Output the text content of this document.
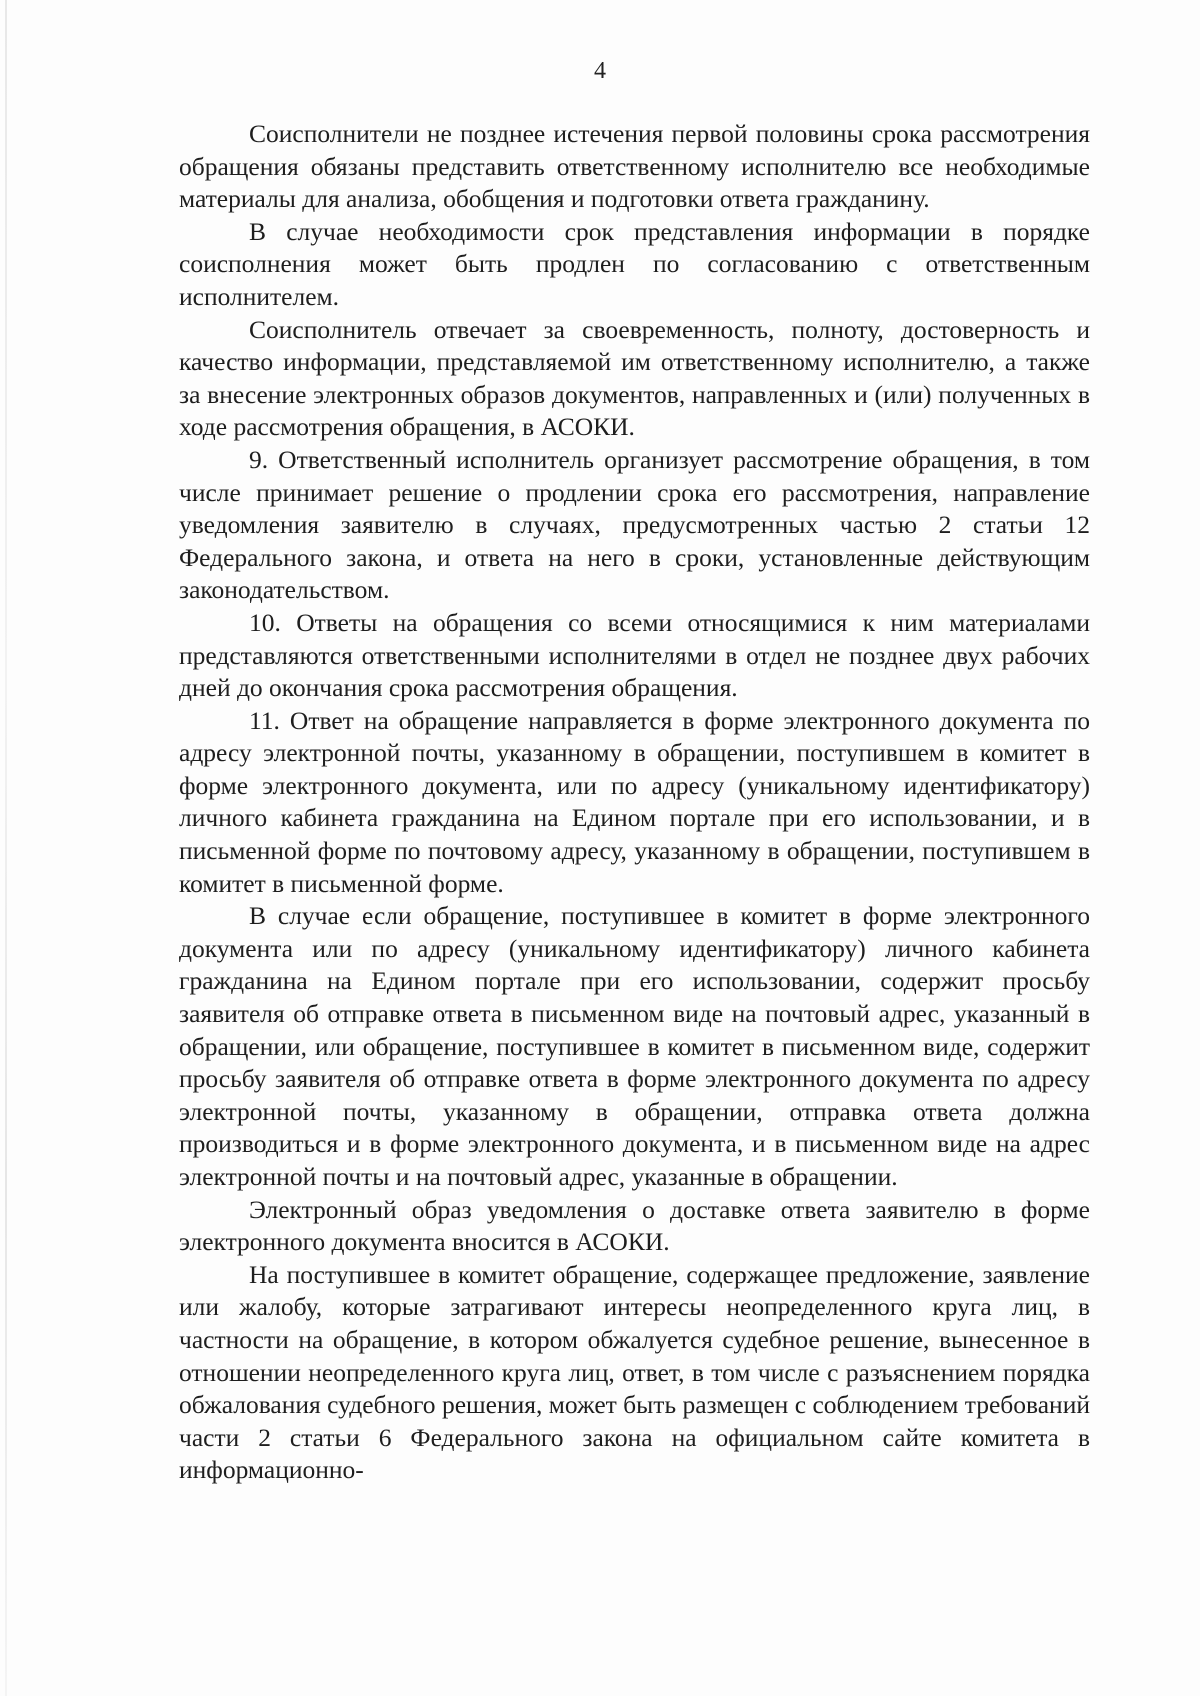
4

Соисполнители не позднее истечения первой половины срока рассмотрения обращения обязаны представить ответственному исполнителю все необходимые материалы для анализа, обобщения и подготовки ответа гражданину.

В случае необходимости срок представления информации в порядке соисполнения может быть продлен по согласованию с ответственным исполнителем.

Соисполнитель отвечает за своевременность, полноту, достоверность и качество информации, представляемой им ответственному исполнителю, а также за внесение электронных образов документов, направленных и (или) полученных в ходе рассмотрения обращения, в АСОКИ.

9. Ответственный исполнитель организует рассмотрение обращения, в том числе принимает решение о продлении срока его рассмотрения, направление уведомления заявителю в случаях, предусмотренных частью 2 статьи 12 Федерального закона, и ответа на него в сроки, установленные действующим законодательством.

10. Ответы на обращения со всеми относящимися к ним материалами представляются ответственными исполнителями в отдел не позднее двух рабочих дней до окончания срока рассмотрения обращения.

11. Ответ на обращение направляется в форме электронного документа по адресу электронной почты, указанному в обращении, поступившем в комитет в форме электронного документа, или по адресу (уникальному идентификатору) личного кабинета гражданина на Едином портале при его использовании, и в письменной форме по почтовому адресу, указанному в обращении, поступившем в комитет в письменной форме.

В случае если обращение, поступившее в комитет в форме электронного документа или по адресу (уникальному идентификатору) личного кабинета гражданина на Едином портале при его использовании, содержит просьбу заявителя об отправке ответа в письменном виде на почтовый адрес, указанный в обращении, или обращение, поступившее в комитет в письменном виде, содержит просьбу заявителя об отправке ответа в форме электронного документа по адресу электронной почты, указанному в обращении, отправка ответа должна производиться и в форме электронного документа, и в письменном виде на адрес электронной почты и на почтовый адрес, указанные в обращении.

Электронный образ уведомления о доставке ответа заявителю в форме электронного документа вносится в АСОКИ.

На поступившее в комитет обращение, содержащее предложение, заявление или жалобу, которые затрагивают интересы неопределенного круга лиц, в частности на обращение, в котором обжалуется судебное решение, вынесенное в отношении неопределенного круга лиц, ответ, в том числе с разъяснением порядка обжалования судебного решения, может быть размещен с соблюдением требований части 2 статьи 6 Федерального закона на официальном сайте комитета в информационно-
